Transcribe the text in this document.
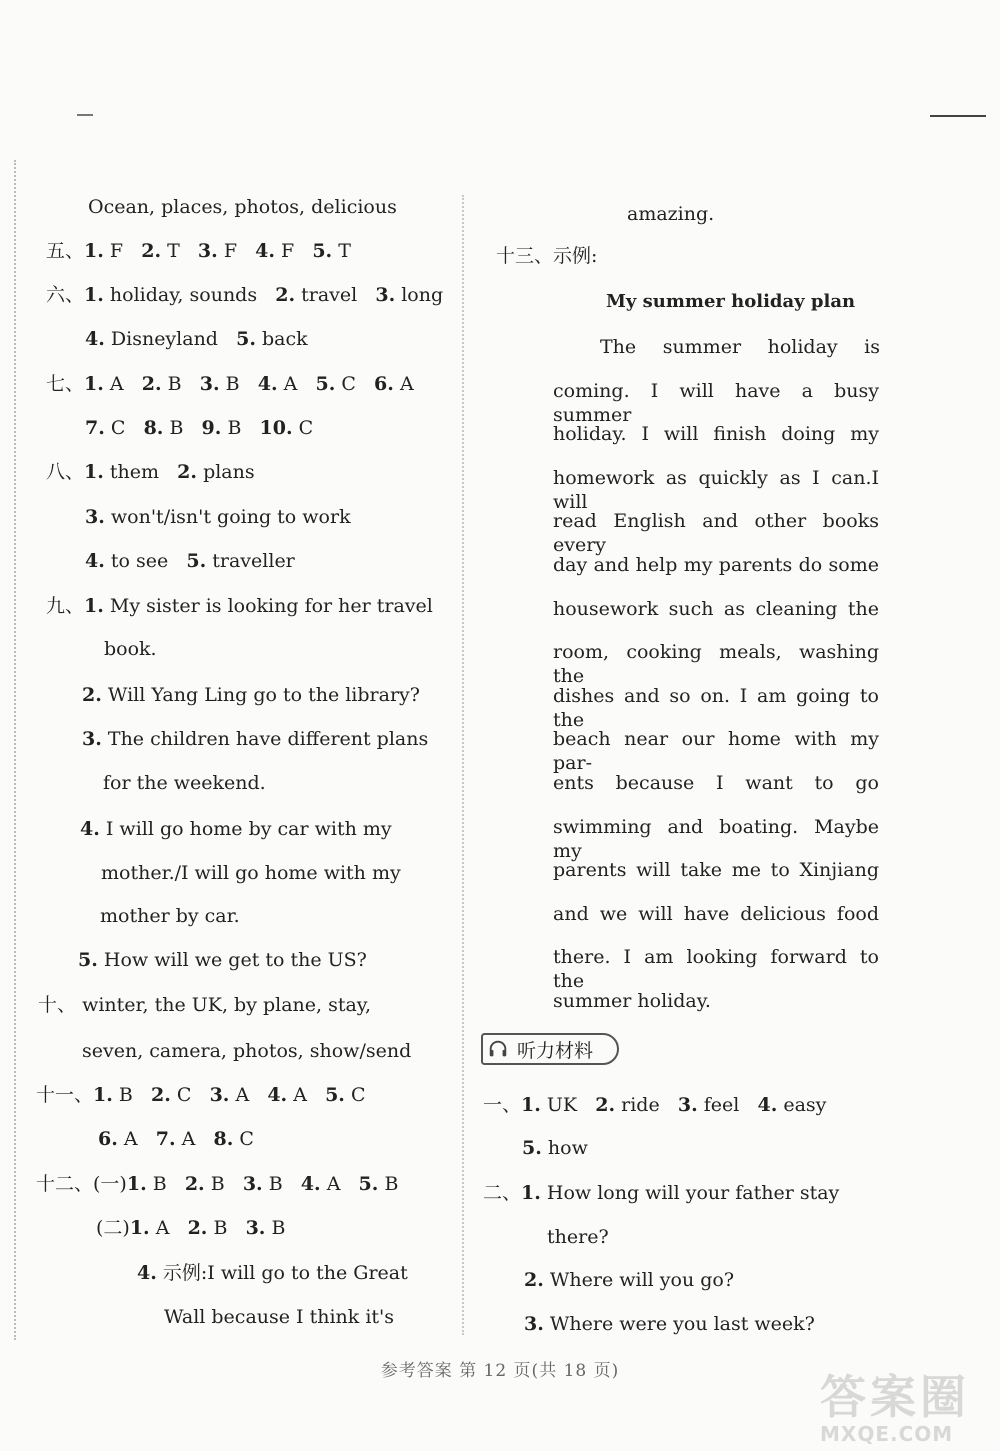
Ocean, places, photos, delicious
五、1. F 2. T 3. F 4. F 5. T
六、1. holiday, sounds 2. travel 3. long
4. Disneyland 5. back
七、1. A 2. B 3. B 4. A 5. C 6. A
7. C 8. B 9. B 10. C
八、1. them 2. plans
3. won't/isn't going to work
4. to see 5. traveller
九、1. My sister is looking for her travel
book.
2. Will Yang Ling go to the library?
3. The children have different plans
for the weekend.
4. I will go home by car with my
mother./I will go home with my
mother by car.
5. How will we get to the US?
十、 winter, the UK, by plane, stay,
seven, camera, photos, show/send
十一、1. B 2. C 3. A 4. A 5. C
6. A 7. A 8. C
十二、(一)1. B 2. B 3. B 4. A 5. B
(二)1. A 2. B 3. B
4. 示例:I will go to the Great
Wall because I think it's
amazing.
十三、示例:
My summer holiday plan
The summer holiday is
coming. I will have a busy summer
holiday. I will finish doing my
homework as quickly as I can.I will
read English and other books every
day and help my parents do some
housework such as cleaning the
room, cooking meals, washing the
dishes and so on. I am going to the
beach near our home with my par-
ents because I want to go
swimming and boating. Maybe my
parents will take me to Xinjiang
and we will have delicious food
there. I am looking forward to the
summer holiday.
听力材料
一、1. UK 2. ride 3. feel 4. easy
5. how
二、1. How long will your father stay
there?
2. Where will you go?
3. Where were you last week?
参考答案 第 12 页(共 18 页)	答案圈
MXQE.COM
